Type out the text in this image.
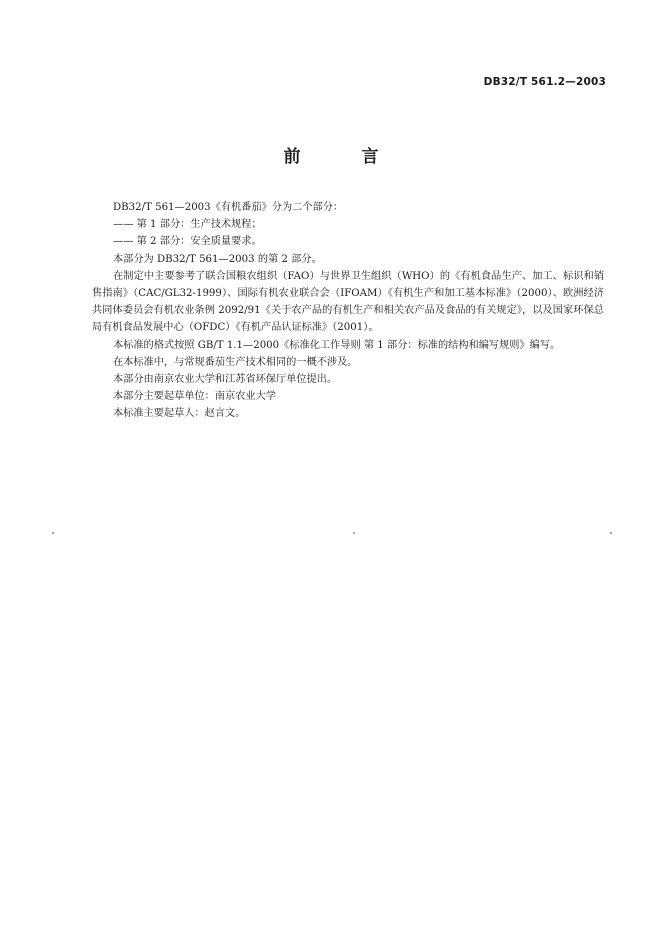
DB32/T 561.2—2003
前　言

DB32/T 561—2003《有机番茄》分为二个部分：

—— 第 1 部分：生产技术规程；

—— 第 2 部分：安全质量要求。

本部分为 DB32/T 561—2003 的第 2 部分。

在制定中主要参考了联合国粮农组织（FAO）与世界卫生组织（WHO）的《有机食品生产、加工、标识和销售指南》（CAC/GL32-1999）、国际有机农业联合会（IFOAM）《有机生产和加工基本标准》（2000）、欧洲经济共同体委员会有机农业条例 2092/91《关于农产品的有机生产和相关农产品及食品的有关规定》，以及国家环保总局有机食品发展中心（OFDC）《有机产品认证标准》（2001）。

本标准的格式按照 GB/T 1.1—2000《标准化工作导则 第 1 部分：标准的结构和编写规则》编写。

在本标准中，与常规番茄生产技术相同的一概不涉及。

本部分由南京农业大学和江苏省环保厅单位提出。

本部分主要起草单位：南京农业大学

本标准主要起草人：赵言文。
